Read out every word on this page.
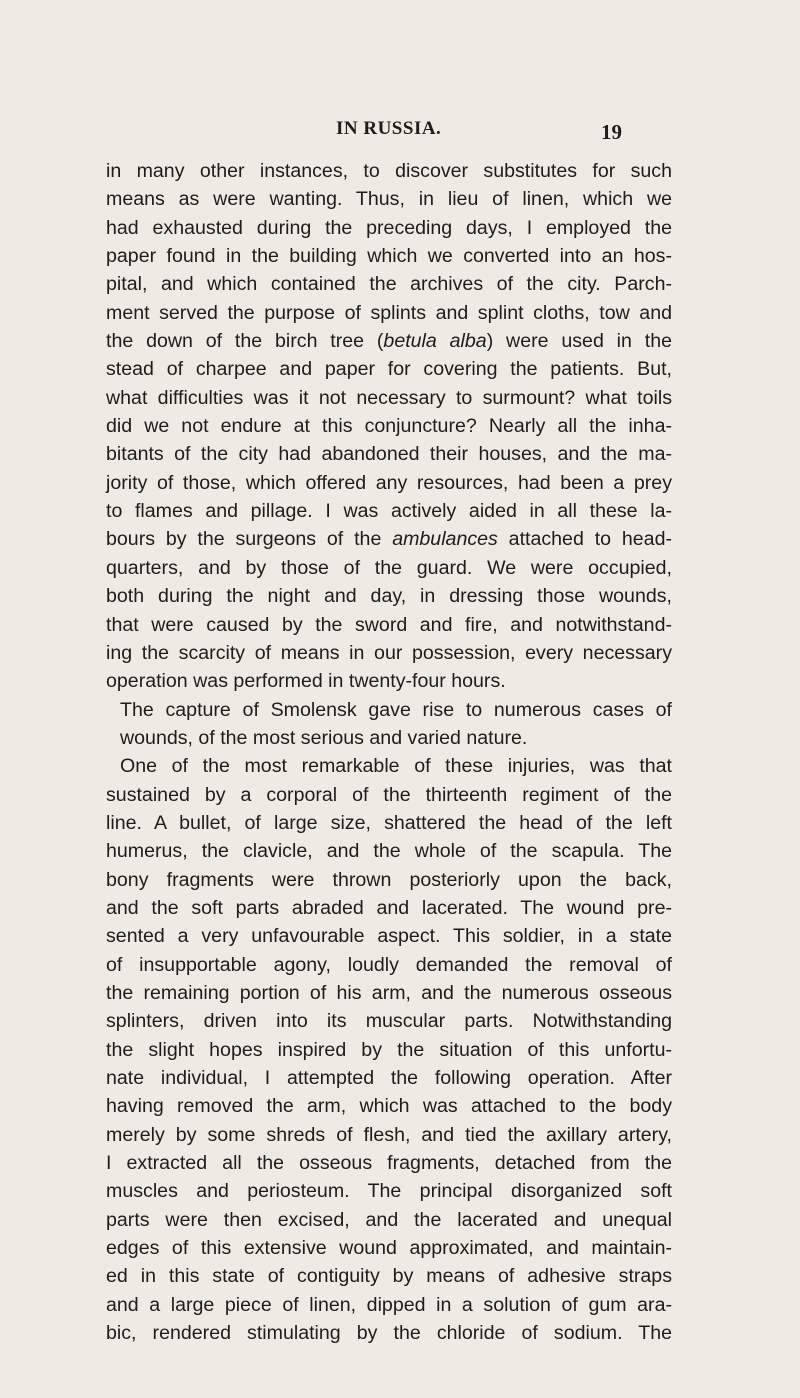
IN RUSSIA.	19
in many other instances, to discover substitutes for such
means as were wanting. Thus, in lieu of linen, which we
had exhausted during the preceding days, I employed the
paper found in the building which we converted into an hos-
pital, and which contained the archives of the city. Parch-
ment served the purpose of splints and splint cloths, tow and
the down of the birch tree (betula alba) were used in the
stead of charpee and paper for covering the patients. But,
what difficulties was it not necessary to surmount? what toils
did we not endure at this conjuncture? Nearly all the inha-
bitants of the city had abandoned their houses, and the ma-
jority of those, which offered any resources, had been a prey
to flames and pillage. I was actively aided in all these la-
bours by the surgeons of the ambulances attached to head-
quarters, and by those of the guard. We were occupied,
both during the night and day, in dressing those wounds,
that were caused by the sword and fire, and notwithstand-
ing the scarcity of means in our possession, every necessary
operation was performed in twenty-four hours.
The capture of Smolensk gave rise to numerous cases of
wounds, of the most serious and varied nature.
One of the most remarkable of these injuries, was that
sustained by a corporal of the thirteenth regiment of the
line. A bullet, of large size, shattered the head of the left
humerus, the clavicle, and the whole of the scapula. The
bony fragments were thrown posteriorly upon the back,
and the soft parts abraded and lacerated. The wound pre-
sented a very unfavourable aspect. This soldier, in a state
of insupportable agony, loudly demanded the removal of
the remaining portion of his arm, and the numerous osseous
splinters, driven into its muscular parts. Notwithstanding
the slight hopes inspired by the situation of this unfortu-
nate individual, I attempted the following operation. After
having removed the arm, which was attached to the body
merely by some shreds of flesh, and tied the axillary artery,
I extracted all the osseous fragments, detached from the
muscles and periosteum. The principal disorganized soft
parts were then excised, and the lacerated and unequal
edges of this extensive wound approximated, and maintain-
ed in this state of contiguity by means of adhesive straps
and a large piece of linen, dipped in a solution of gum ara-
bic, rendered stimulating by the chloride of sodium. The
